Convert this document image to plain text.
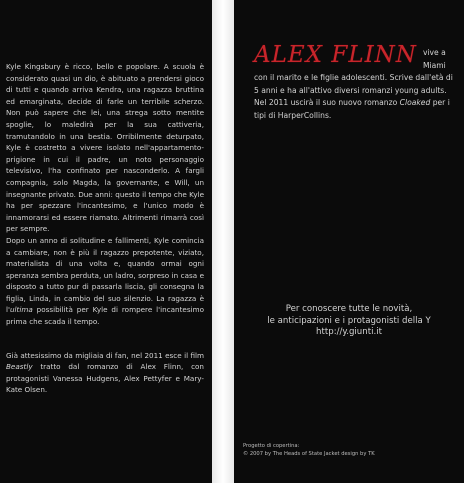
Kyle Kingsbury è ricco, bello e popolare. A scuola è considerato quasi un dio, è abituato a prendersi gioco di tutti e quando arriva Kendra, una ragazza bruttina ed emarginata, decide di farle un terribile scherzo. Non può sapere che lei, una strega sotto mentite spoglie, lo maledirà per la sua cattiveria, tramutandolo in una bestia. Orribilmente deturpato, Kyle è costretto a vivere isolato nell'appartamento-prigione in cui il padre, un noto personaggio televisivo, l'ha confinato per nasconderlo. A fargli compagnia, solo Magda, la governante, e Will, un insegnante privato. Due anni: questo il tempo che Kyle ha per spezzare l'incantesimo, e l'unico modo è innamorarsi ed essere riamato. Altrimenti rimarrà così per sempre.

Dopo un anno di solitudine e fallimenti, Kyle comincia a cambiare, non è più il ragazzo prepotente, viziato, materialista di una volta e, quando ormai ogni speranza sembra perduta, un ladro, sorpreso in casa e disposto a tutto pur di passarla liscia, gli consegna la figlia, Linda, in cambio del suo silenzio. La ragazza è l'ultima possibilità per Kyle di rompere l'incantesimo prima che scada il tempo.

Già attesissimo da migliaia di fan, nel 2011 esce il film Beastly tratto dal romanzo di Alex Flinn, con protagonisti Vanessa Hudgens, Alex Pettyfer e Mary-Kate Olsen.

ALEX FLINN vive a Miami con il marito e le figlie adolescenti. Scrive dall'età di 5 anni e ha all'attivo diversi romanzi young adults. Nel 2011 uscirà il suo nuovo romanzo Cloaked per i tipi di HarperCollins.
Per conoscere tutte le novità,
le anticipazioni e i protagonisti della Y
http://y.giunti.it
Progetto di copertina:
© 2007 by The Heads of State Jacket design by TK
